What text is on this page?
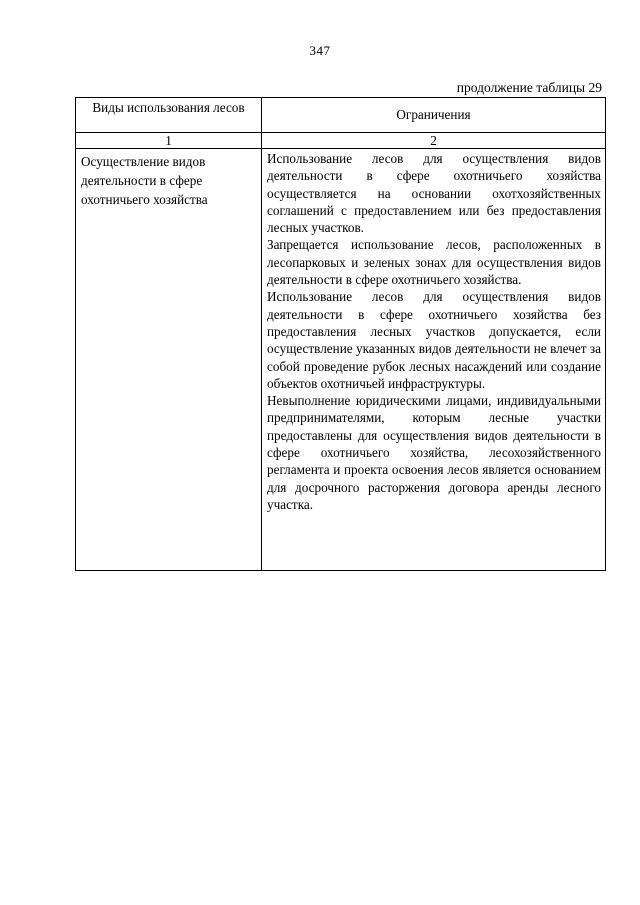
347
продолжение таблицы 29
Виды использования лесов	Ограничения
1	2

Осуществление видов деятельности в сфере охотничьего хозяйства	Использование лесов для осуществления видов деятельности в сфере охотничьего хозяйства осуществляется на основании охотхозяйственных соглашений с предоставлением или без предоставления лесных участков.

Запрещается использование лесов, расположенных в лесопарковых и зеленых зонах для осуществления видов деятельности в сфере охотничьего хозяйства.

Использование лесов для осуществления видов деятельности в сфере охотничьего хозяйства без предоставления лесных участков допускается, если осуществление указанных видов деятельности не влечет за собой проведение рубок лесных насаждений или создание объектов охотничьей инфраструктуры.

Невыполнение юридическими лицами, индивидуальными предпринимателями, которым лесные участки предоставлены для осуществления видов деятельности в сфере охотничьего хозяйства, лесохозяйственного регламента и проекта освоения лесов является основанием для досрочного расторжения договора аренды лесного участка.
